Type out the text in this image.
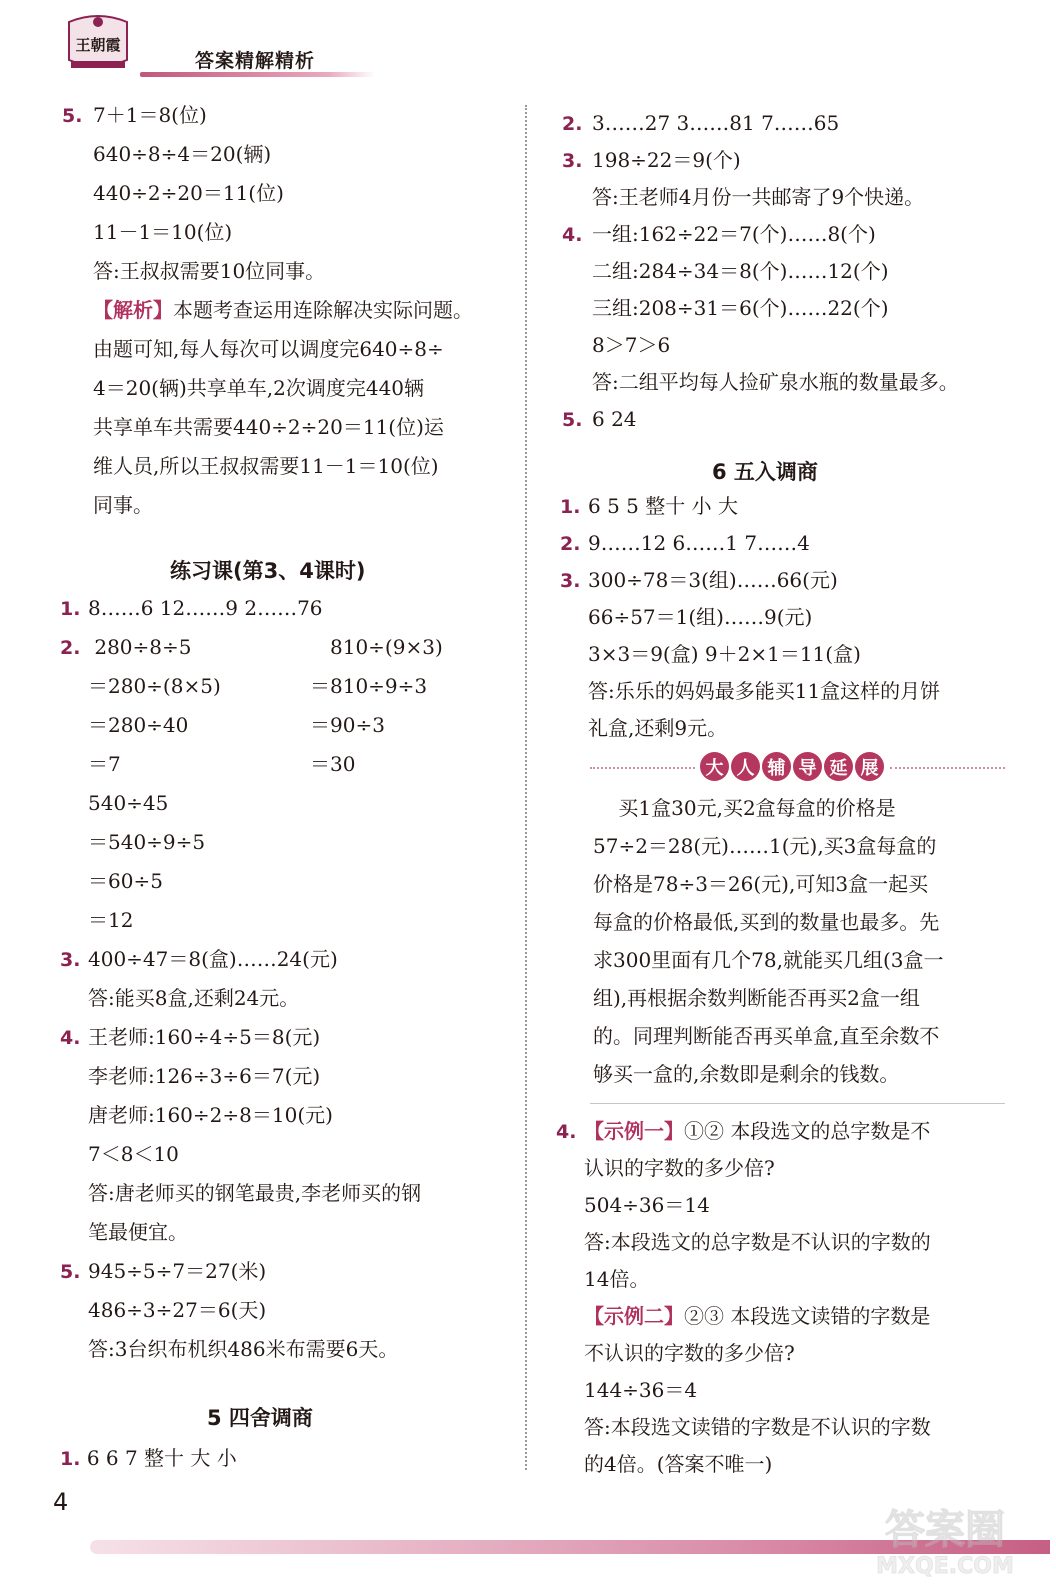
王朝霞
答案精解精析
5. 7＋1＝8(位)
640÷8÷4＝20(辆)
440÷2÷20＝11(位)
11－1＝10(位)
答:王叔叔需要10位同事。
【解析】本题考查运用连除解决实际问题。
由题可知,每人每次可以调度完640÷8÷
4＝20(辆)共享单车,2次调度完440辆
共享单车共需要440÷2÷20＝11(位)运
维人员,所以王叔叔需要11－1＝10(位)
同事。
练习课(第3、4课时)
1. 8……6 12……9 2……76
2. 280÷8÷5
＝280÷(8×5)
＝280÷40
＝7
540÷45
＝540÷9÷5
＝60÷5
＝12
3. 400÷47＝8(盒)……24(元)
答:能买8盒,还剩24元。
4. 王老师:160÷4÷5＝8(元)
李老师:126÷3÷6＝7(元)
唐老师:160÷2÷8＝10(元)
7＜8＜10
答:唐老师买的钢笔最贵,李老师买的钢
笔最便宜。
5. 945÷5÷7＝27(米)
486÷3÷27＝6(天)
答:3台织布机织486米布需要6天。
810÷(9×3)
＝810÷9÷3
＝90÷3
＝30
5 四舍调商
1. 6 6 7 整十 大 小
2. 3……27 3……81 7……65
3. 198÷22＝9(个)
答:王老师4月份一共邮寄了9个快递。
4. 一组:162÷22＝7(个)……8(个)
二组:284÷34＝8(个)……12(个)
三组:208÷31＝6(个)……22(个)
8＞7＞6
答:二组平均每人捡矿泉水瓶的数量最多。
5. 6 24
6 五入调商
1. 6 5 5 整十 小 大
2. 9……12 6……1 7……4
3. 300÷78＝3(组)……66(元)
66÷57＝1(组)……9(元)
3×3＝9(盒) 9＋2×1＝11(盒)
答:乐乐的妈妈最多能买11盒这样的月饼
礼盒,还剩9元。
4. 【示例一】①② 本段选文的总字数是不
认识的字数的多少倍?
504÷36＝14
答:本段选文的总字数是不认识的字数的
14倍。
【示例二】②③ 本段选文读错的字数是
不认识的字数的多少倍?
144÷36＝4
答:本段选文读错的字数是不认识的字数
的4倍。(答案不唯一)
大 人 辅 导 延 展
买1盒30元,买2盒每盒的价格是
57÷2＝28(元)……1(元),买3盒每盒的
价格是78÷3＝26(元),可知3盒一起买
每盒的价格最低,买到的数量也最多。先
求300里面有几个78,就能买几组(3盒一
组),再根据余数判断能否再买2盒一组
的。同理判断能否再买单盒,直至余数不
够买一盒的,余数即是剩余的钱数。
4
答案圈
MXQE.COM
